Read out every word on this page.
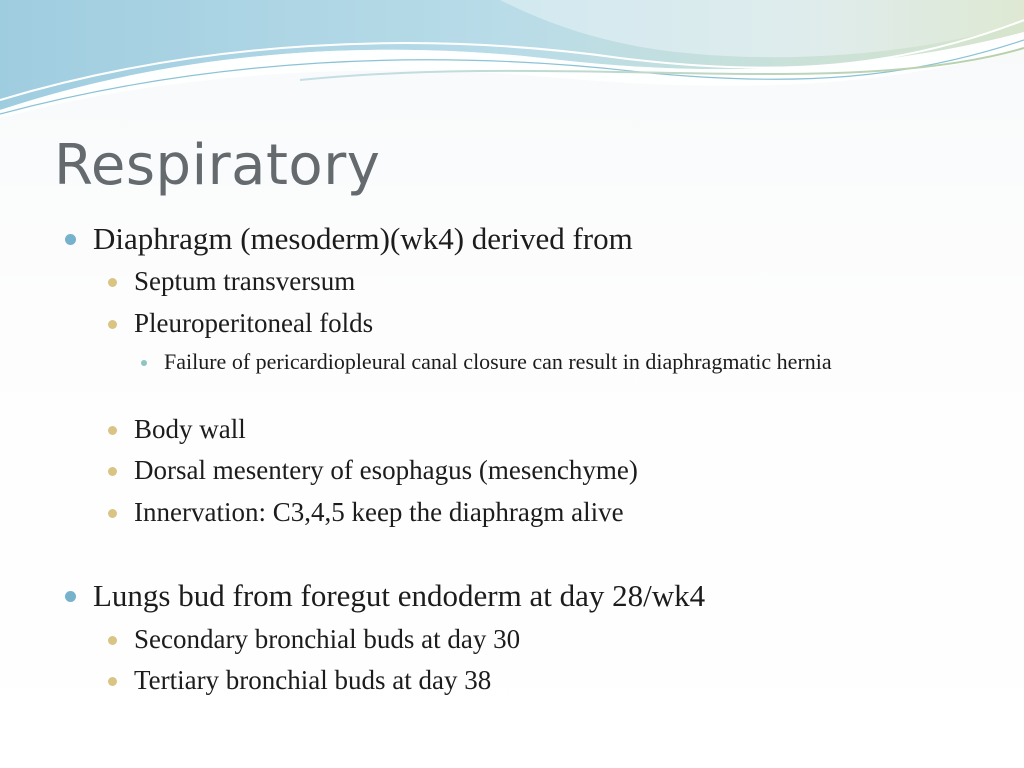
Respiratory
Diaphragm (mesoderm)(wk4) derived from
Septum transversum
Pleuroperitoneal folds
Failure of pericardiopleural canal closure can result in diaphragmatic hernia
Body wall
Dorsal mesentery of esophagus (mesenchyme)
Innervation: C3,4,5 keep the diaphragm alive
Lungs bud from foregut endoderm at day 28/wk4
Secondary bronchial buds at day 30
Tertiary bronchial buds at day 38
